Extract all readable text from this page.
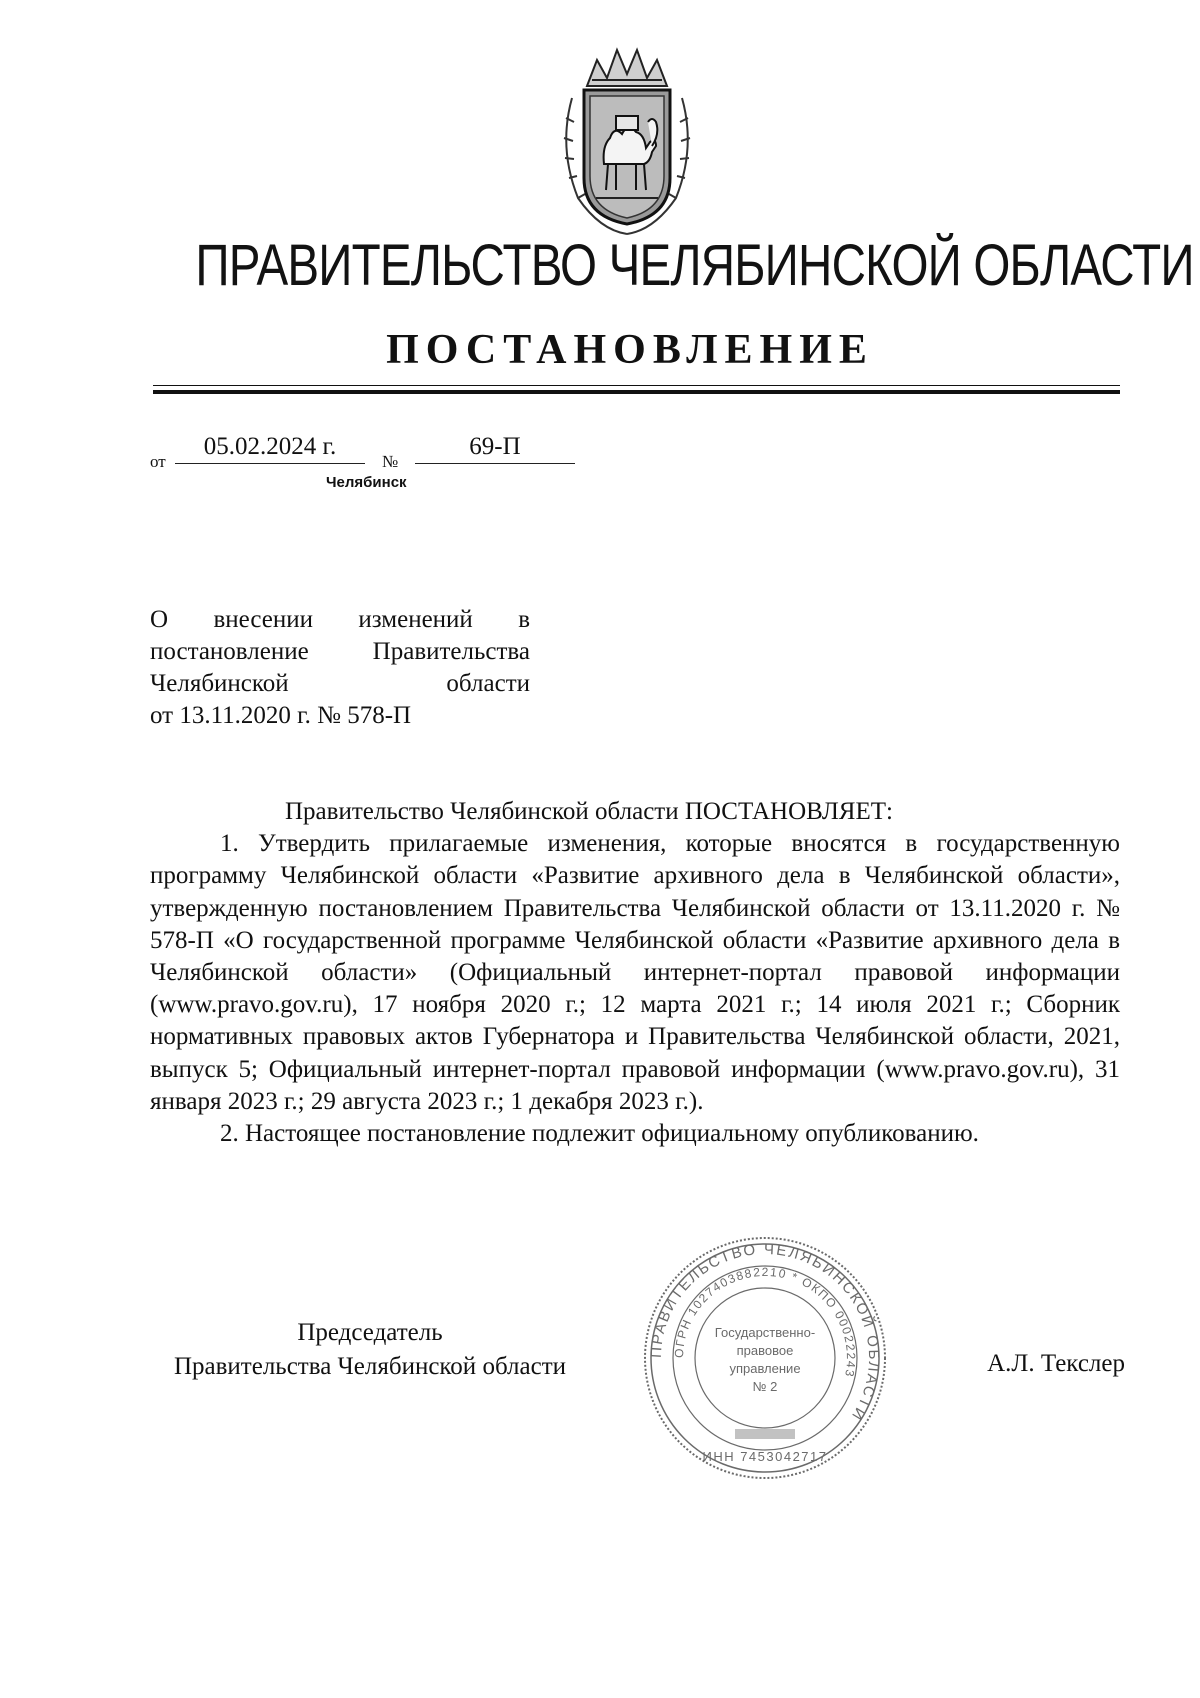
ПРАВИТЕЛЬСТВО ЧЕЛЯБИНСКОЙ ОБЛАСТИ
ПОСТАНОВЛЕНИЕ
от
05.02.2024 г.
№
69-П
Челябинск
О внесении изменений в
постановление Правительства
Челябинской области
от 13.11.2020 г. № 578-П
Правительство Челябинской области ПОСТАНОВЛЯЕТ:
1. Утвердить прилагаемые изменения, которые вносятся в государственную программу Челябинской области «Развитие архивного дела в Челябинской области», утвержденную постановлением Правительства Челябинской области от 13.11.2020 г. № 578-П «О государственной программе Челябинской области «Развитие архивного дела в Челябинской области» (Официальный интернет-портал правовой информации (www.pravo.gov.ru), 17 ноября 2020 г.; 12 марта 2021 г.; 14 июля 2021 г.; Сборник нормативных правовых актов Губернатора и Правительства Челябинской области, 2021, выпуск 5; Официальный интернет-портал правовой информации (www.pravo.gov.ru), 31 января 2023 г.; 29 августа 2023 г.; 1 декабря 2023 г.).
2. Настоящее постановление подлежит официальному опубликованию.
Председатель
Правительства Челябинской области	А.Л. Текслер
ПРАВИТЕЛЬСТВО ЧЕЛЯБИНСКОЙ ОБЛАСТИ
ОГРН 1027403882210 * ОКПО 00022243
ИНН 7453042717
Государственно-
правовое
управление
№ 2
